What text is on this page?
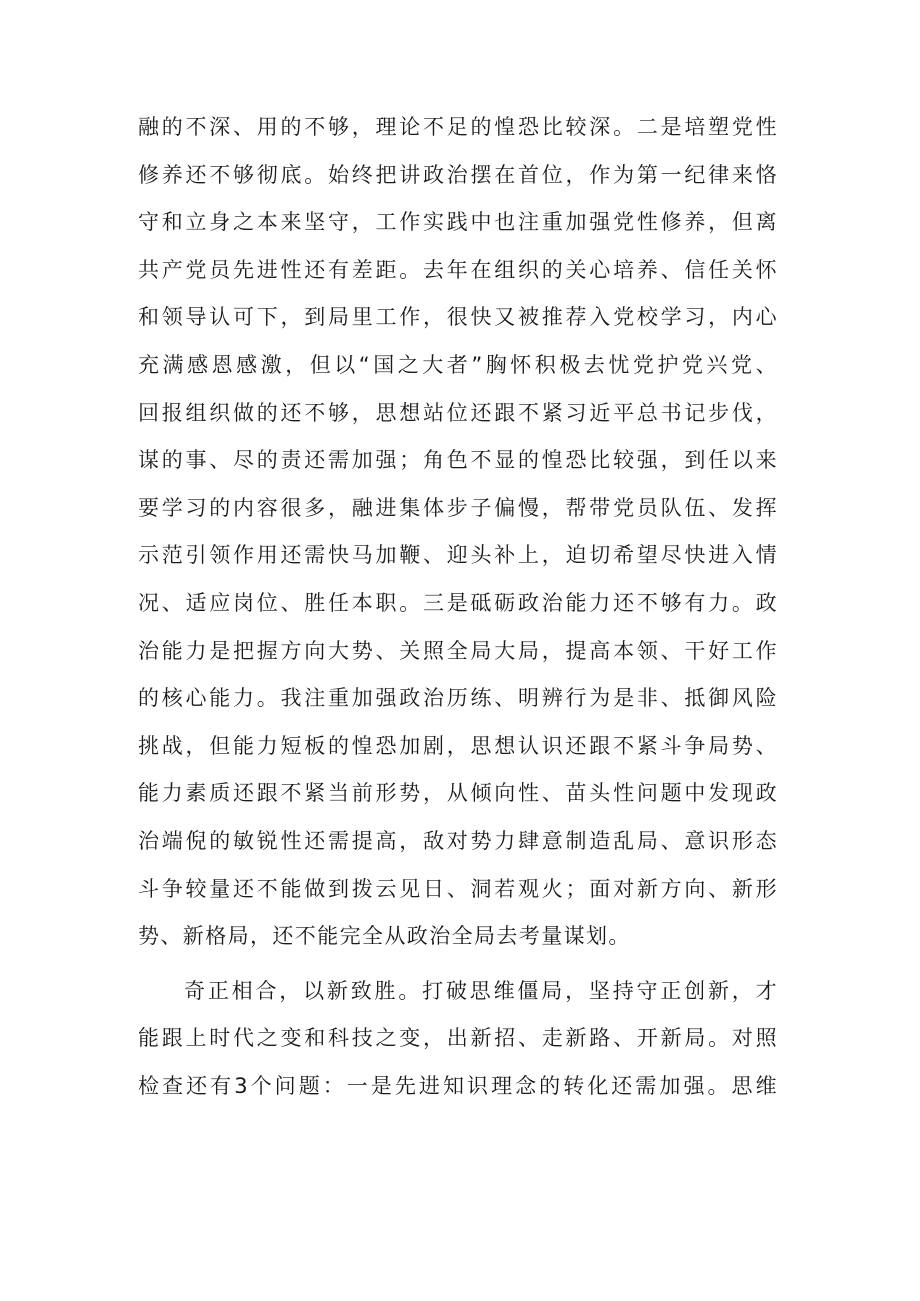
融的不深、用的不够，理论不足的惶恐比较深。二是培塑党性
修养还不够彻底。始终把讲政治摆在首位，作为第一纪律来恪
守和立身之本来坚守，工作实践中也注重加强党性修养，但离
共产党员先进性还有差距。去年在组织的关心培养、信任关怀
和领导认可下，到局里工作，很快又被推荐入党校学习，内心
充满感恩感激，但以“国之大者”胸怀积极去忧党护党兴党、
回报组织做的还不够，思想站位还跟不紧习近平总书记步伐，
谋的事、尽的责还需加强；角色不显的惶恐比较强，到任以来
要学习的内容很多，融进集体步子偏慢，帮带党员队伍、发挥
示范引领作用还需快马加鞭、迎头补上，迫切希望尽快进入情
况、适应岗位、胜任本职。三是砥砺政治能力还不够有力。政
治能力是把握方向大势、关照全局大局，提高本领、干好工作
的核心能力。我注重加强政治历练、明辨行为是非、抵御风险
挑战，但能力短板的惶恐加剧，思想认识还跟不紧斗争局势、
能力素质还跟不紧当前形势，从倾向性、苗头性问题中发现政
治端倪的敏锐性还需提高，敌对势力肆意制造乱局、意识形态
斗争较量还不能做到拨云见日、洞若观火；面对新方向、新形
势、新格局，还不能完全从政治全局去考量谋划。
奇正相合，以新致胜。打破思维僵局，坚持守正创新，才
能跟上时代之变和科技之变，出新招、走新路、开新局。对照
检查还有3个问题：一是先进知识理念的转化还需加强。思维
